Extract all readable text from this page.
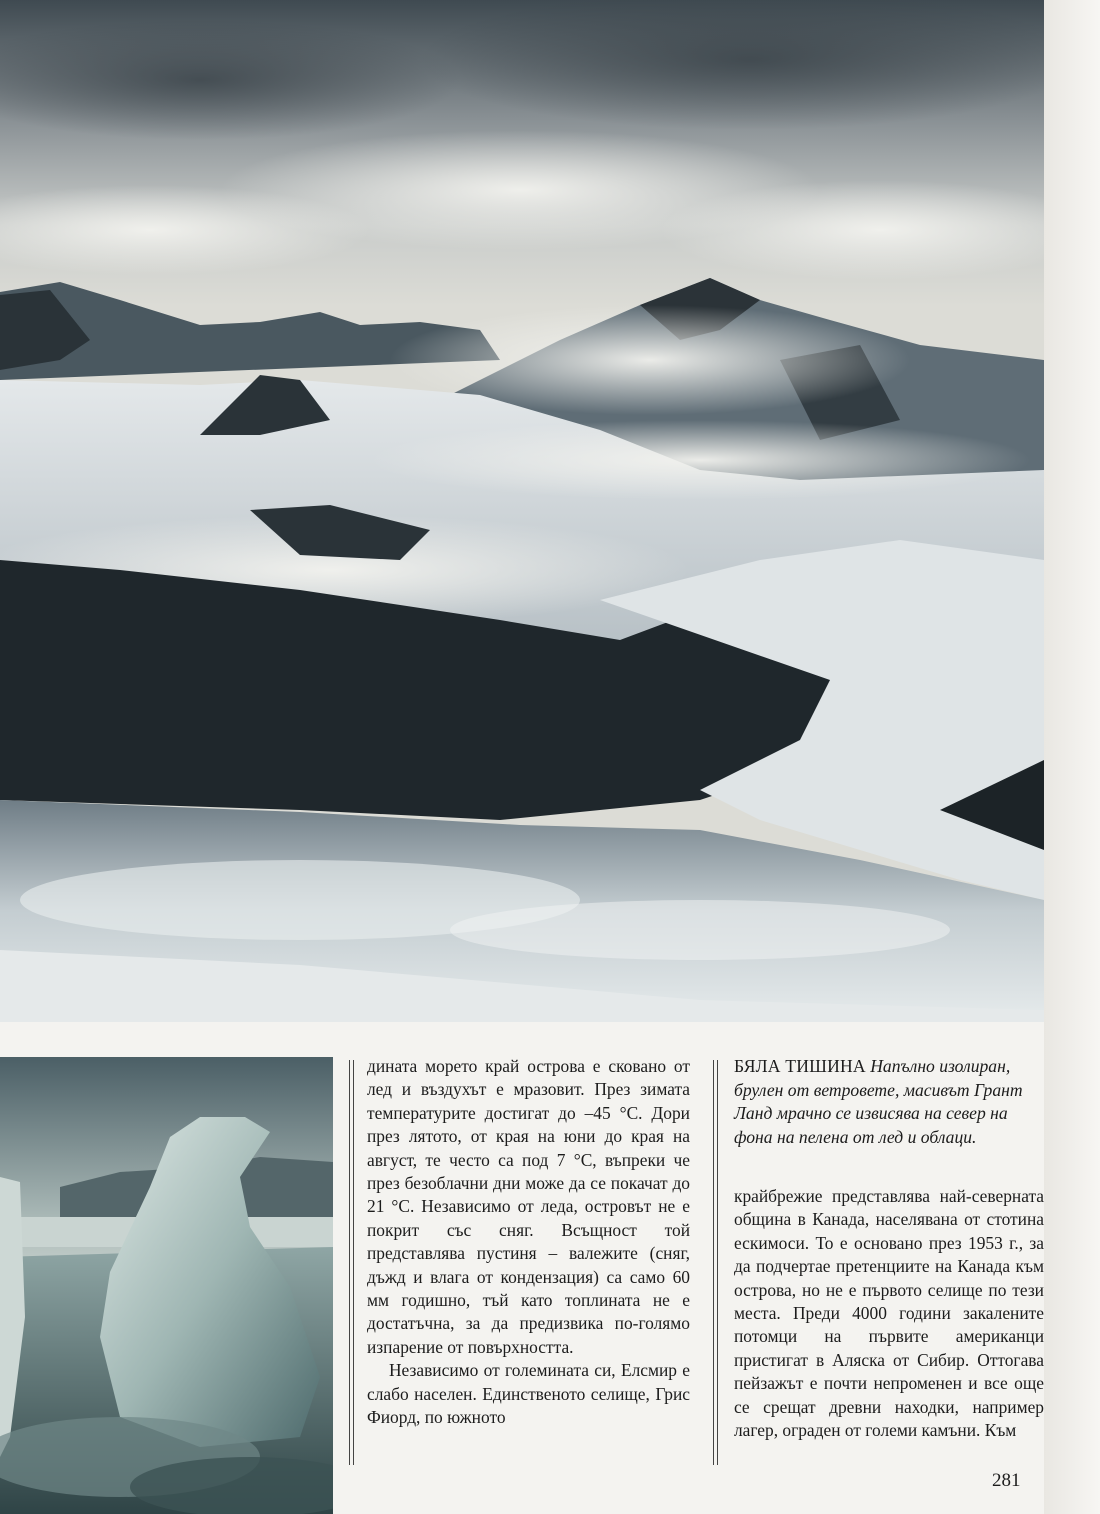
дината морето край острова е сковано от лед и въздухът е мразовит. През зимата температурите достигат до –45 °С. Дори през лятото, от края на юни до края на август, те често са под 7 °С, въпреки че през безоблачни дни може да се покачат до 21 °С. Независимо от леда, островът не е покрит със сняг. Всъщност той представлява пустиня – валежите (сняг, дъжд и влага от кондензация) са само 60 мм годишно, тъй като топлината не е достатъчна, за да предизвика по-голямо изпарение от повърхността.

Независимо от големината си, Елсмир е слабо населен. Единственото селище, Грис Фиорд, по южното

БЯЛА ТИШИНА Напълно изолиран, брулен от ветровете, масивът Грант Ланд мрачно се извисява на север на фона на пелена от лед и облаци.

крайбрежие представлява най-северната община в Канада, населявана от стотина ескимоси. То е основано през 1953 г., за да подчертае претенциите на Канада към острова, но не е първото селище по тези места. Преди 4000 години закалените потомци на първите американци пристигат в Аляска от Сибир. Оттогава пейзажът е почти непроменен и все още се срещат древни находки, например лагер, ограден от големи камъни. Към

281
